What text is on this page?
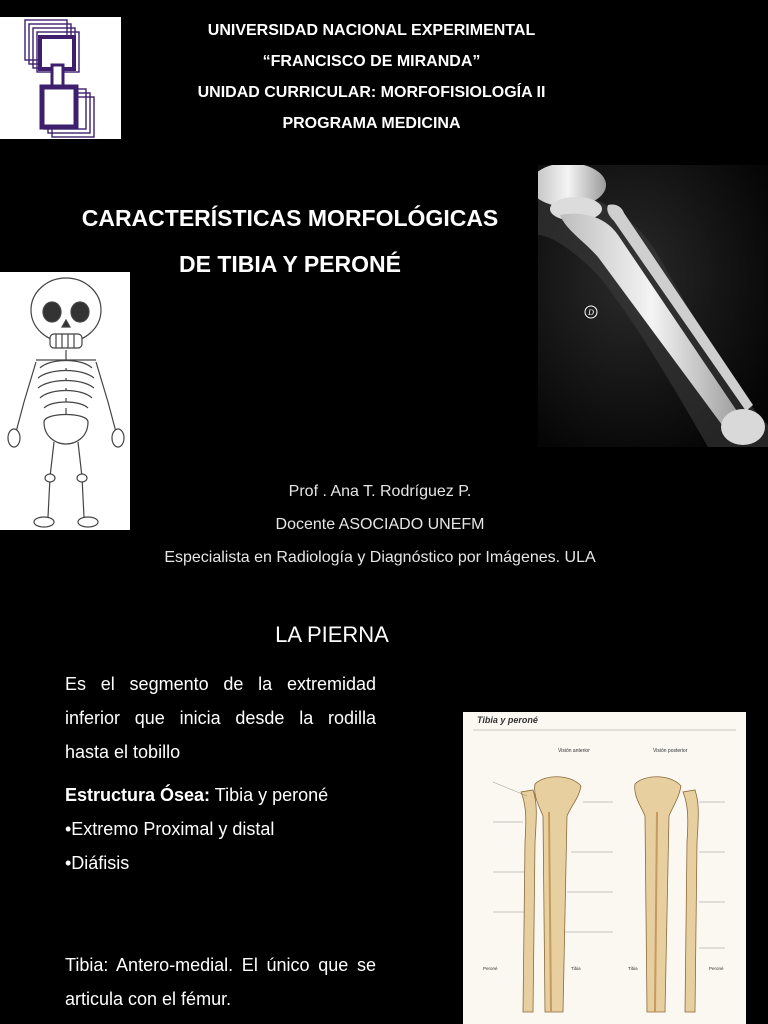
UNIVERSIDAD NACIONAL EXPERIMENTAL
“FRANCISCO DE MIRANDA”
UNIDAD CURRICULAR: MORFOFISIOLOGÍA II
PROGRAMA MEDICINA
CARACTERÍSTICAS MORFOLÓGICAS
DE TIBIA Y PERONÉ
D
Prof . Ana T. Rodríguez P.
Docente ASOCIADO UNEFM
Especialista en Radiología y Diagnóstico por Imágenes. ULA
LA PIERNA
Es el segmento de la extremidad inferior que inicia desde la rodilla hasta el tobillo
Estructura Ósea: Tibia y peroné
•Extremo Proximal y distal
•Diáfisis
Tibia: Antero-medial. El único que se articula con el fémur.
Tibia y peroné
Visión anterior	Visión posterior
Peroné	Tibia	Tibia	Peroné
